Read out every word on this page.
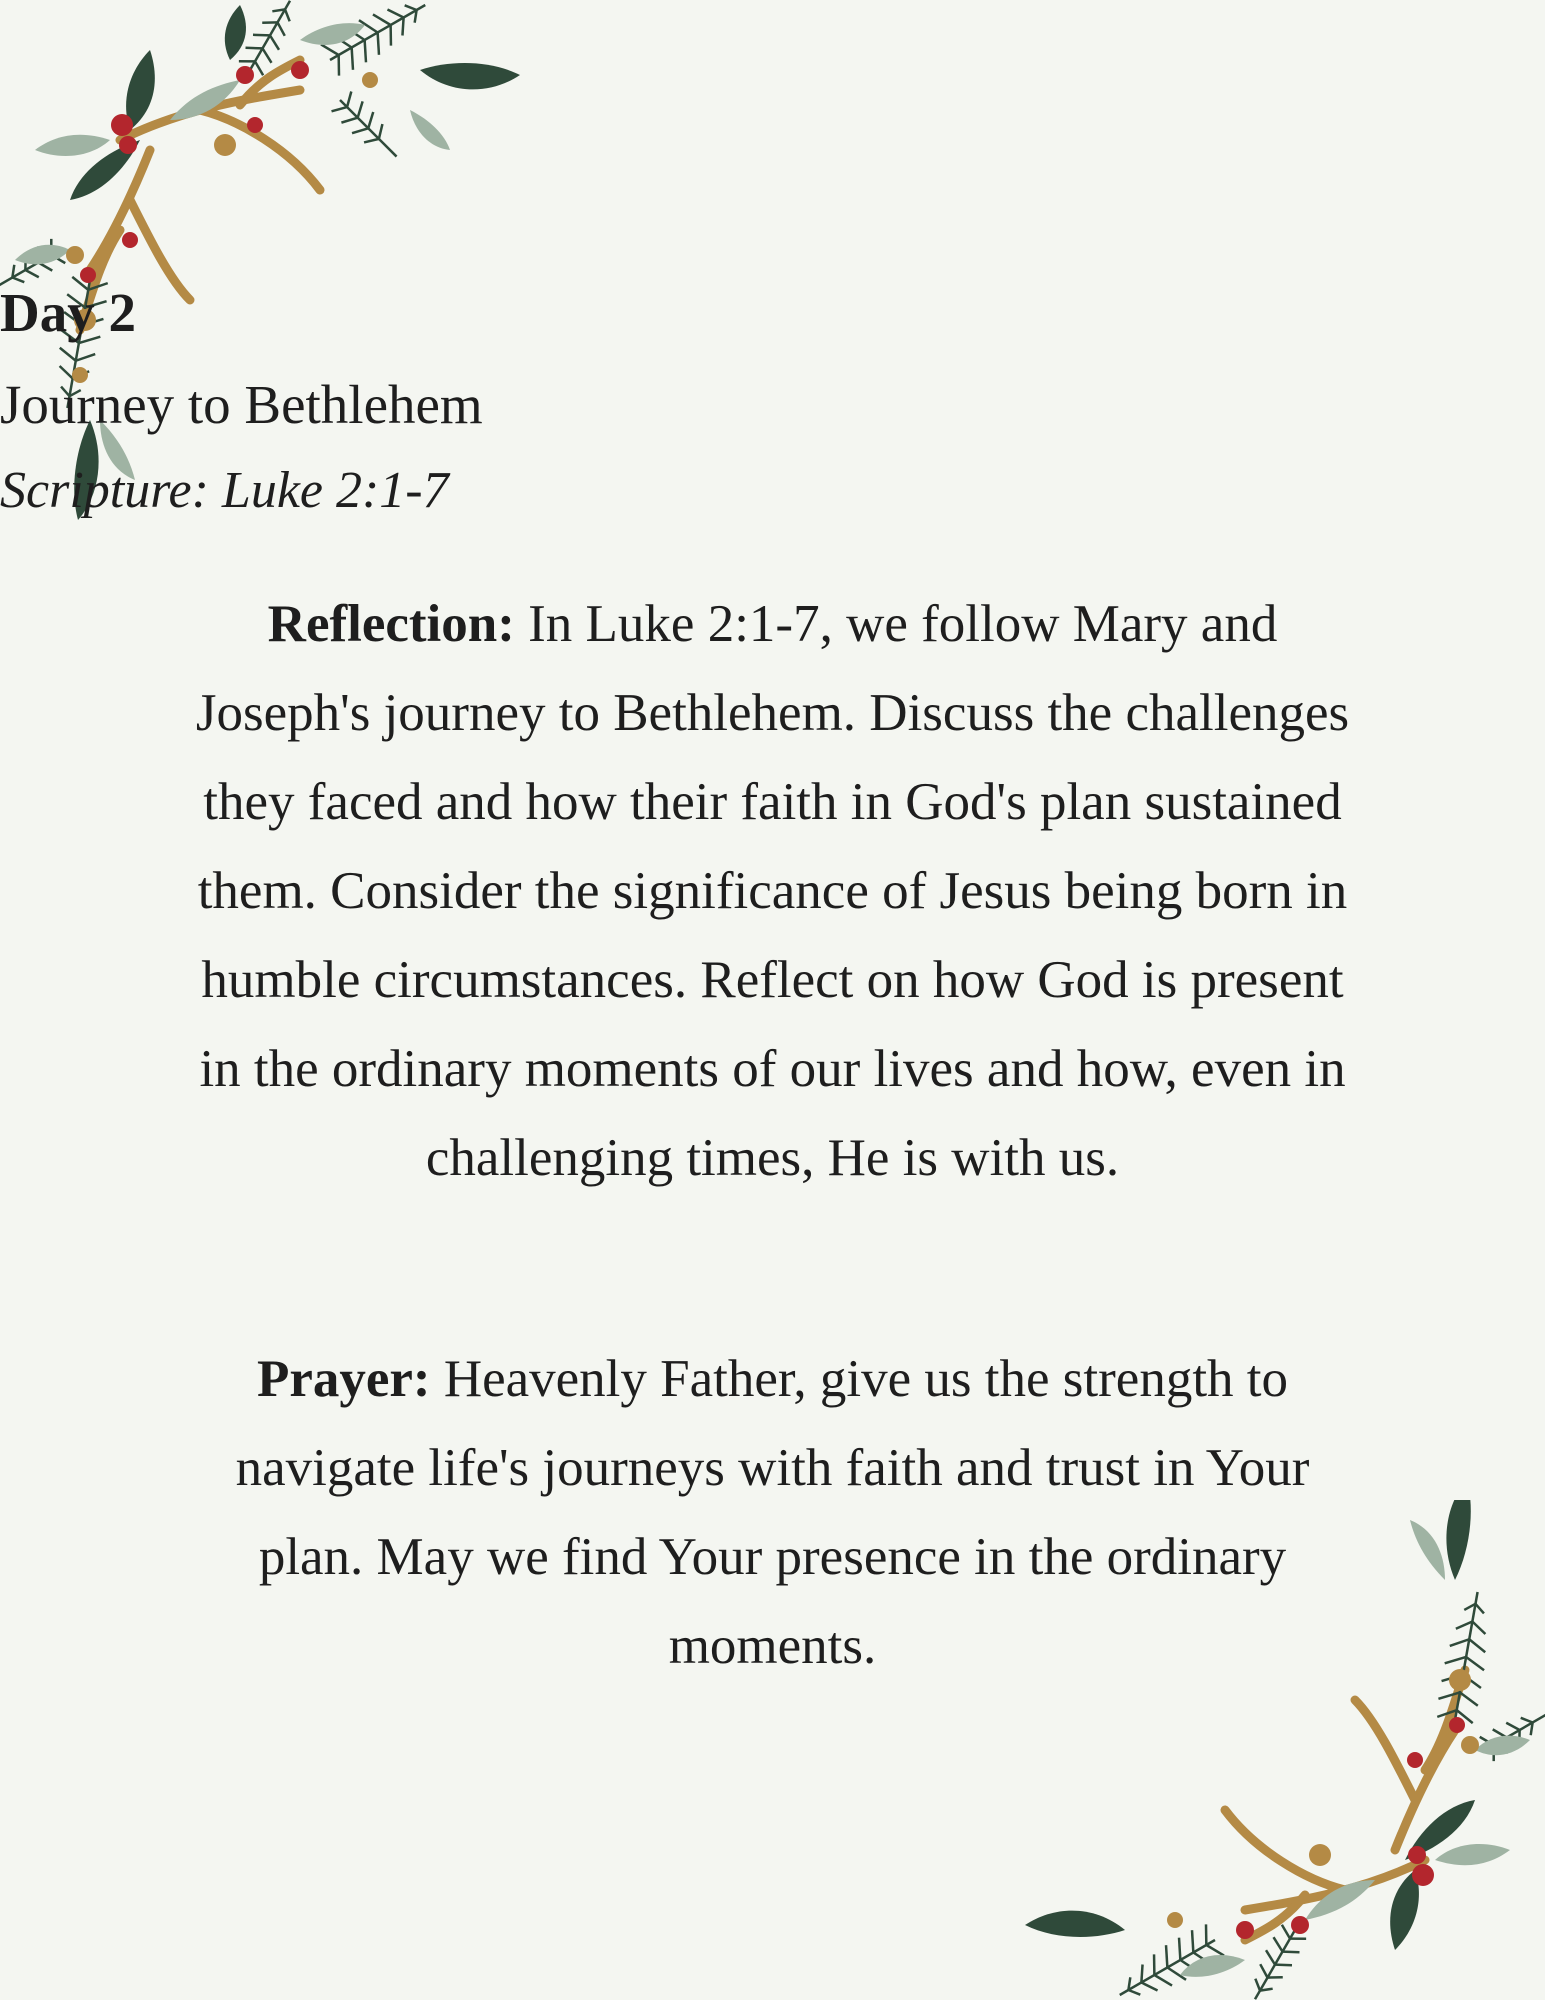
Day 2
Journey to Bethlehem
Scripture: Luke 2:1-7
Reflection: In Luke 2:1-7, we follow Mary and Joseph's journey to Bethlehem. Discuss the challenges they faced and how their faith in God's plan sustained them. Consider the significance of Jesus being born in humble circumstances. Reflect on how God is present in the ordinary moments of our lives and how, even in challenging times, He is with us.
Prayer: Heavenly Father, give us the strength to navigate life's journeys with faith and trust in Your plan. May we find Your presence in the ordinary moments.
